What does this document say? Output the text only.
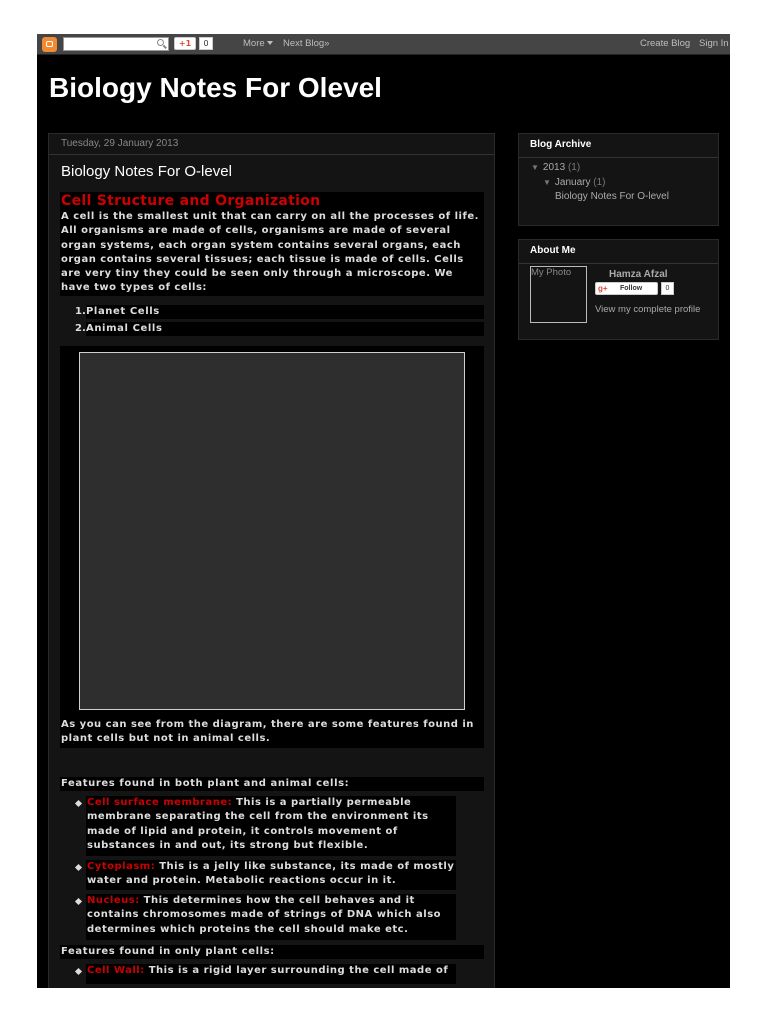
+1	0	More	Next Blog»	Create Blog Sign In
Biology Notes For Olevel
Tuesday, 29 January 2013
Biology Notes For O-level
Cell Structure and Organization

A cell is the smallest unit that can carry on all the processes of life. All organisms are made of cells, organisms are made of several organ systems, each organ system contains several organs, each organ contains several tissues; each tissue is made of cells. Cells are very tiny they could be seen only through a microscope. We have two types of cells:

1. Planet Cells
2. Animal Cells

As you can see from the diagram, there are some features found in plant cells but not in animal cells.

Features found in both plant and animal cells:

Cell surface membrane: This is a partially permeable membrane separating the cell from the environment its made of lipid and protein, it controls movement of substances in and out, its strong but flexible.

Cytoplasm: This is a jelly like substance, its made of mostly water and protein. Metabolic reactions occur in it.

Nucleus: This determines how the cell behaves and it contains chromosomes made of strings of DNA which also determines which proteins the cell should make etc.

Features found in only plant cells:

Cell Wall: This is a rigid layer surrounding the cell made of

Blog Archive
▼ 2013 (1)
▼ January (1)
Biology Notes For O-level
About Me
My Photo	Hamza Afzal
g+ Follow	0
View my complete profile
